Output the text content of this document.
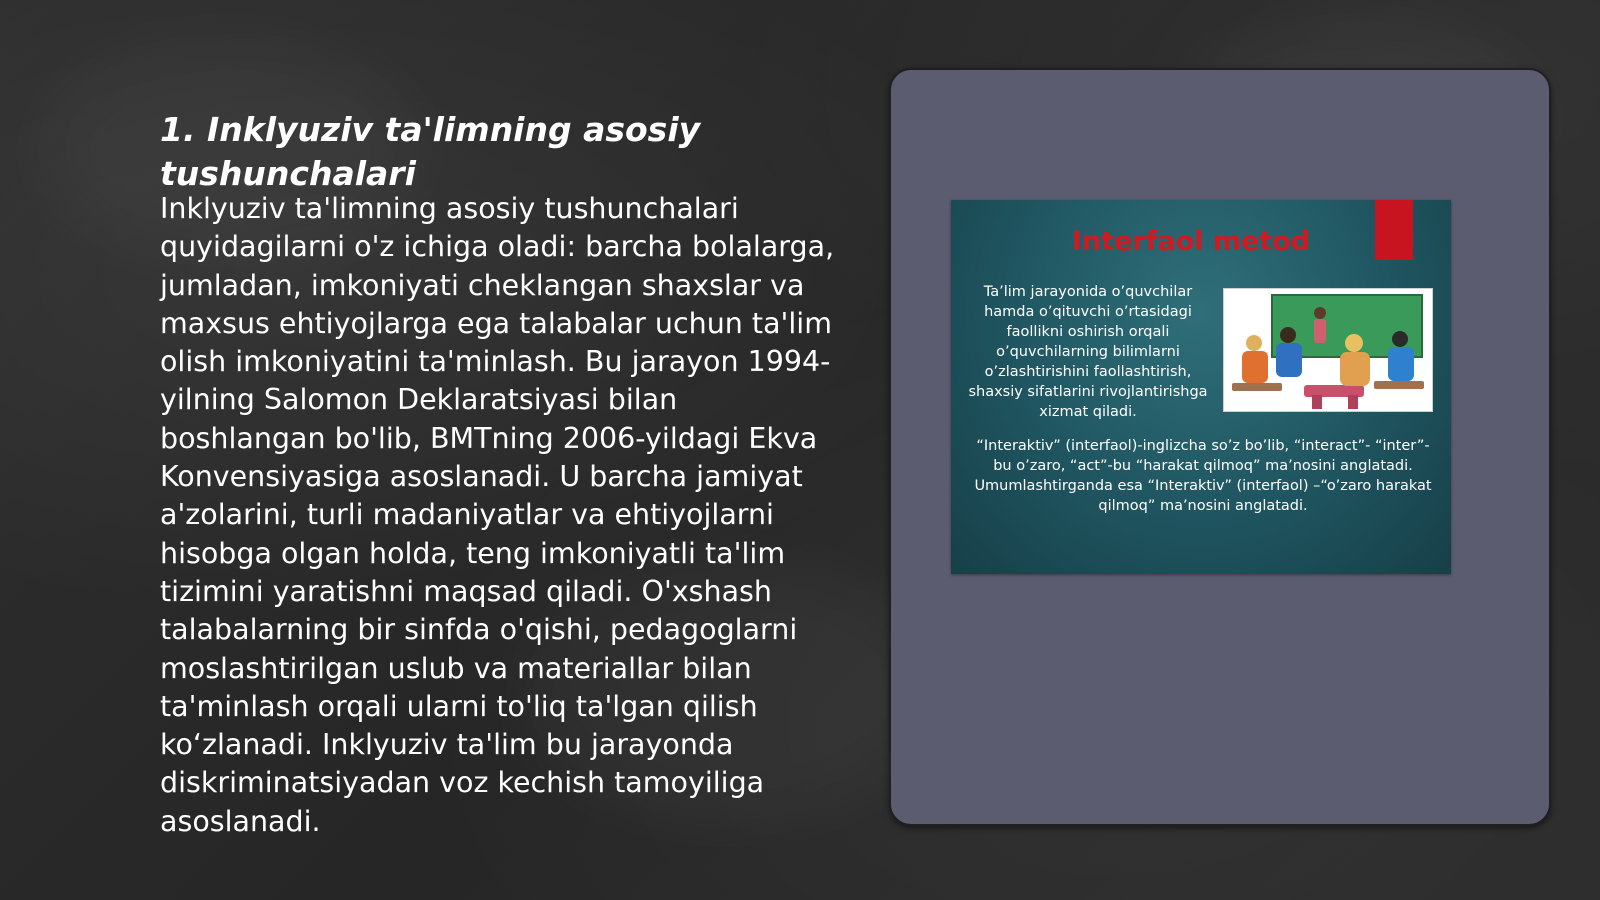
1. Inklyuziv ta'limning asosiy tushunchalari

Inklyuziv ta'limning asosiy tushunchalari quyidagilarni o'z ichiga oladi: barcha bolalarga, jumladan, imkoniyati cheklangan shaxslar va maxsus ehtiyojlarga ega talabalar uchun ta'lim olish imkoniyatini ta'minlash. Bu jarayon 1994-yilning Salomon Deklaratsiyasi bilan boshlangan bo'lib, BMTning 2006-yildagi Ekva Konvensiyasiga asoslanadi. U barcha jamiyat a'zolarini, turli madaniyatlar va ehtiyojlarni hisobga olgan holda, teng imkoniyatli ta'lim tizimini yaratishni maqsad qiladi. O'xshash talabalarning bir sinfda o'qishi, pedagoglarni moslashtirilgan uslub va materiallar bilan ta'minlash orqali ularni to'liq ta'lgan qilish ko‘zlanadi. Inklyuziv ta'lim bu jarayonda diskriminatsiyadan voz kechish tamoyiliga asoslanadi.

Interfaol metod

Ta’lim jarayonida o’quvchilar hamda o’qituvchi o’rtasidagi faollikni oshirish orqali o’quvchilarning bilimlarni o’zlashtirishini faollashtirish, shaxsiy sifatlarini rivojlantirishga xizmat qiladi.

“Interaktiv” (interfaol)-inglizcha so’z bo’lib, “interact”- “inter”-bu o’zaro, “act”-bu “harakat qilmoq” ma’nosini anglatadi. Umumlashtirganda esa “Interaktiv” (interfaol) –“o’zaro harakat qilmoq” ma’nosini anglatadi.
